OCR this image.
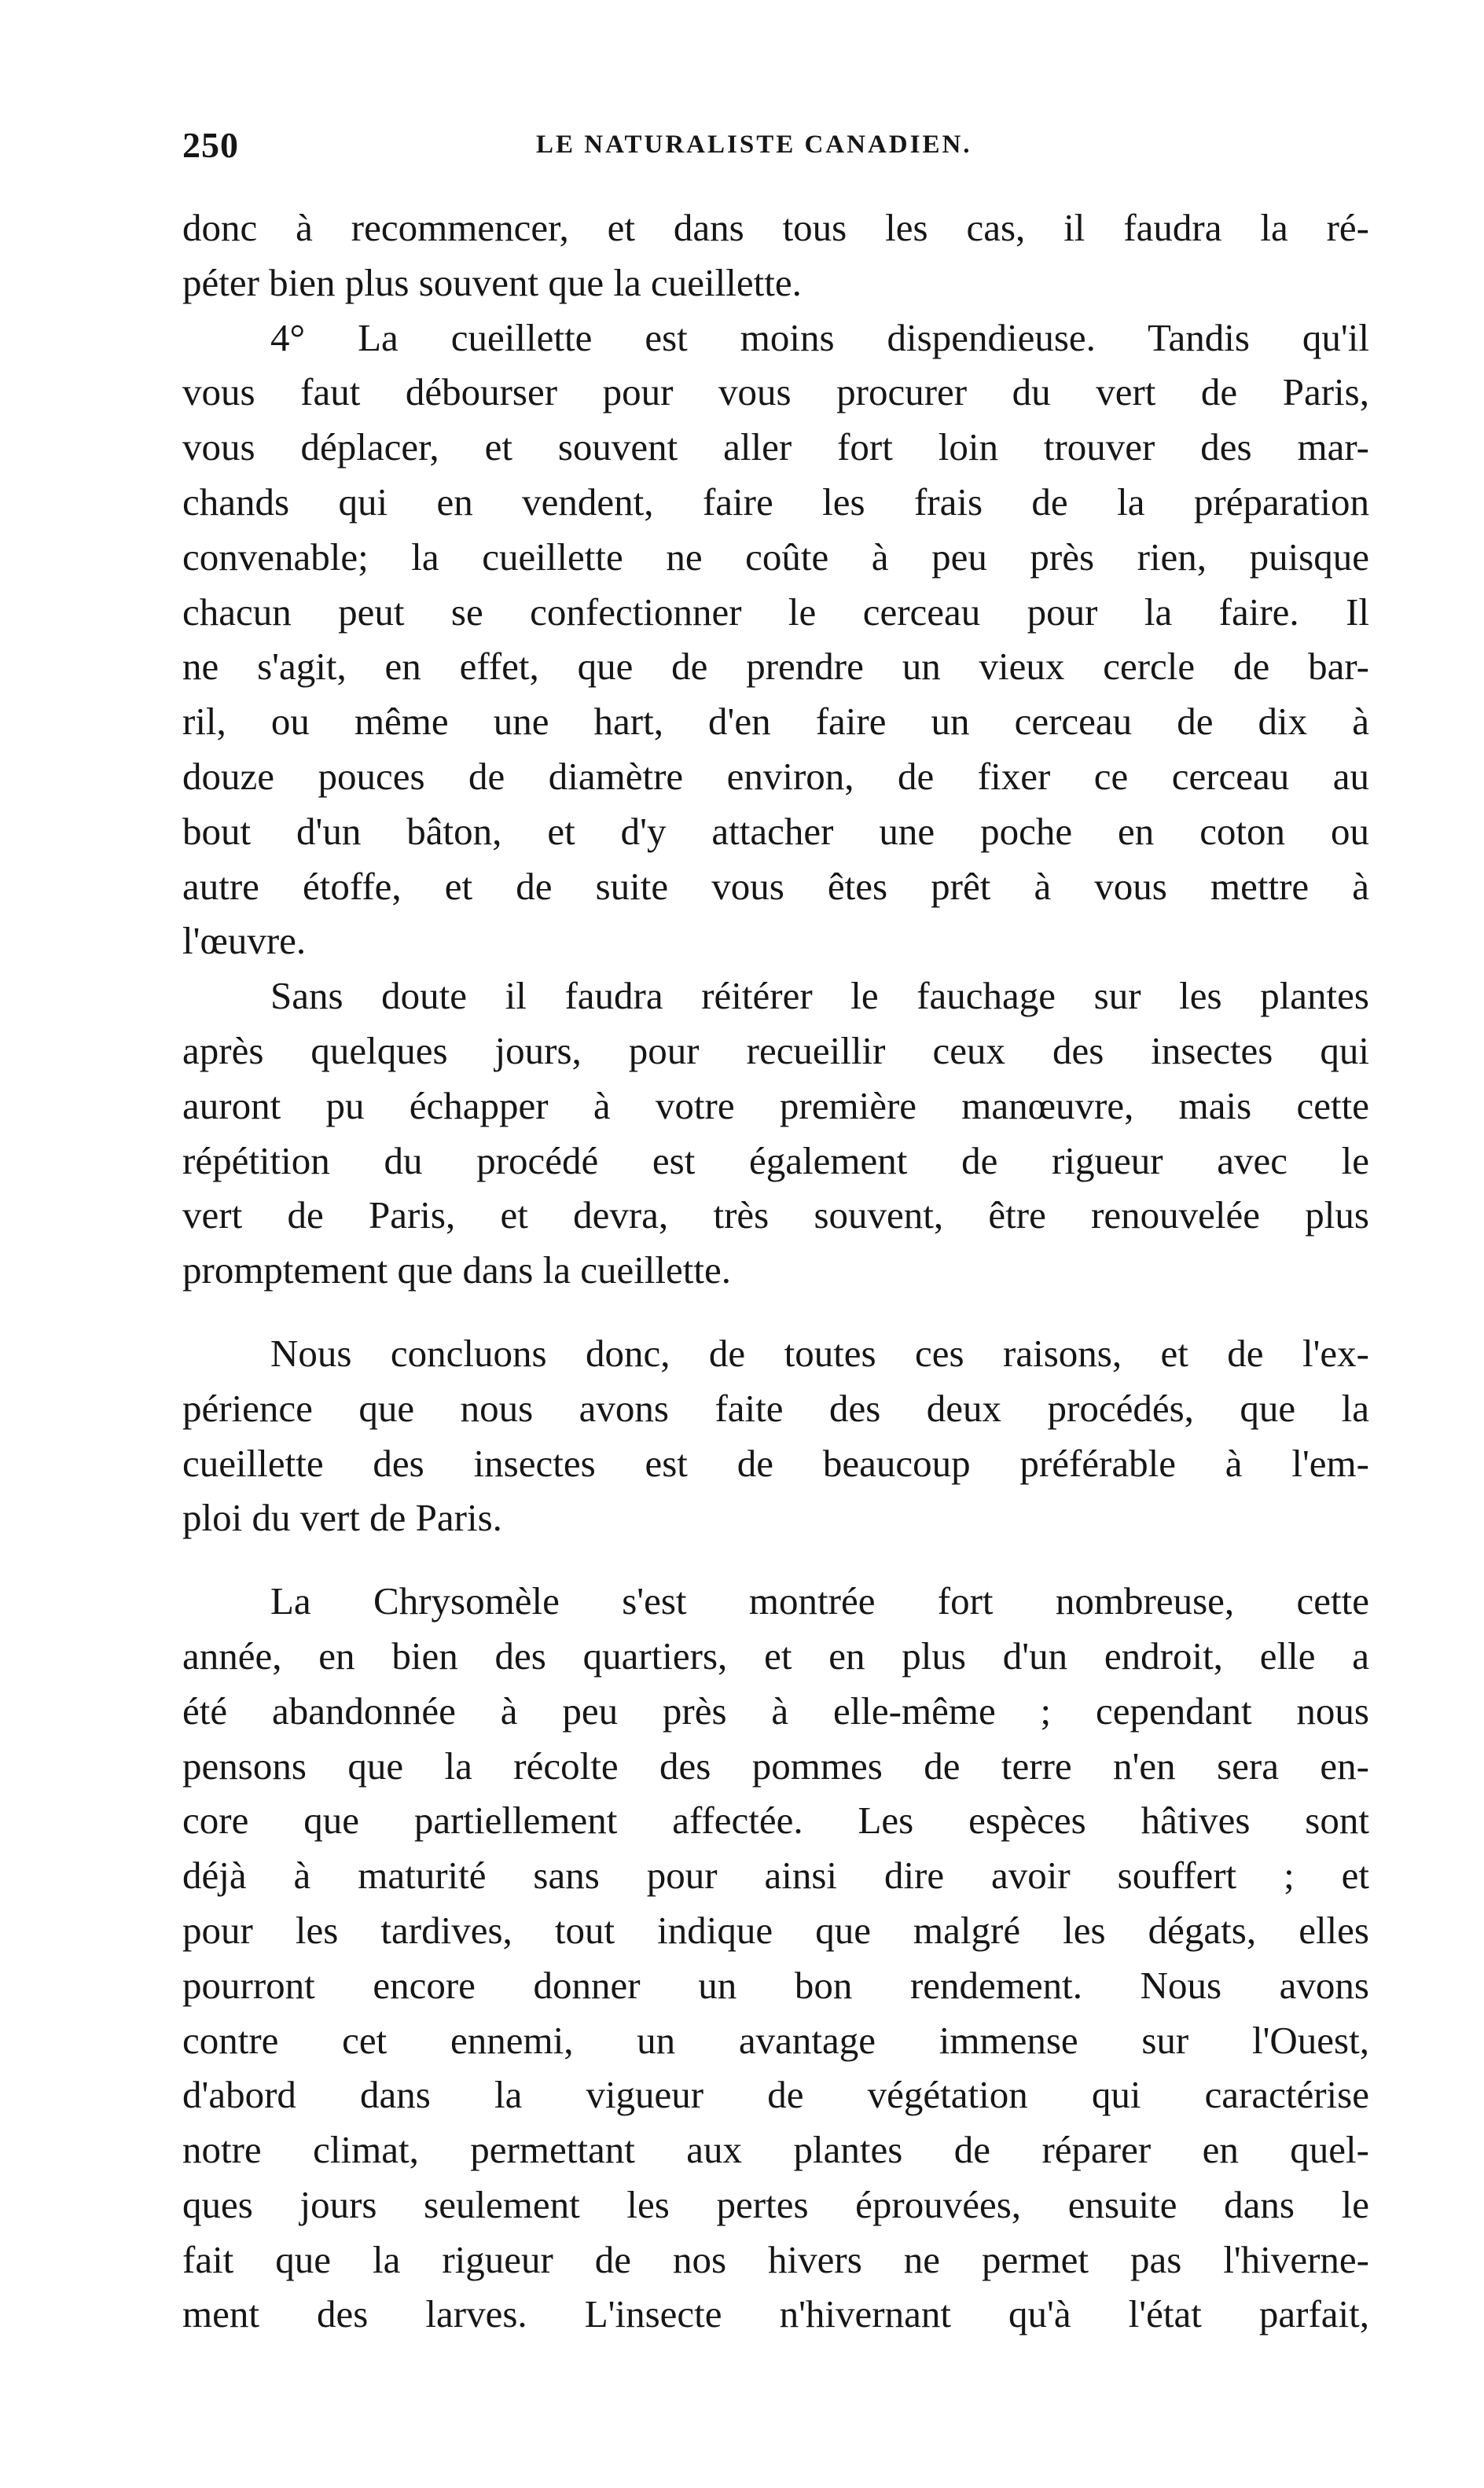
250	LE NATURALISTE CANADIEN.
donc à recommencer, et dans tous les cas, il faudra la ré-
péter bien plus souvent que la cueillette.
4° La cueillette est moins dispendieuse. Tandis qu'il
vous faut débourser pour vous procurer du vert de Paris,
vous déplacer, et souvent aller fort loin trouver des mar-
chands qui en vendent, faire les frais de la préparation
convenable; la cueillette ne coûte à peu près rien, puisque
chacun peut se confectionner le cerceau pour la faire. Il
ne s'agit, en effet, que de prendre un vieux cercle de bar-
ril, ou même une hart, d'en faire un cerceau de dix à
douze pouces de diamètre environ, de fixer ce cerceau au
bout d'un bâton, et d'y attacher une poche en coton ou
autre étoffe, et de suite vous êtes prêt à vous mettre à
l'œuvre.
Sans doute il faudra réitérer le fauchage sur les plantes
après quelques jours, pour recueillir ceux des insectes qui
auront pu échapper à votre première manœuvre, mais cette
répétition du procédé est également de rigueur avec le
vert de Paris, et devra, très souvent, être renouvelée plus
promptement que dans la cueillette.
Nous concluons donc, de toutes ces raisons, et de l'ex-
périence que nous avons faite des deux procédés, que la
cueillette des insectes est de beaucoup préférable à l'em-
ploi du vert de Paris.
La Chrysomèle s'est montrée fort nombreuse, cette
année, en bien des quartiers, et en plus d'un endroit, elle a
été abandonnée à peu près à elle-même ; cependant nous
pensons que la récolte des pommes de terre n'en sera en-
core que partiellement affectée. Les espèces hâtives sont
déjà à maturité sans pour ainsi dire avoir souffert ; et
pour les tardives, tout indique que malgré les dégats, elles
pourront encore donner un bon rendement. Nous avons
contre cet ennemi, un avantage immense sur l'Ouest,
d'abord dans la vigueur de végétation qui caractérise
notre climat, permettant aux plantes de réparer en quel-
ques jours seulement les pertes éprouvées, ensuite dans le
fait que la rigueur de nos hivers ne permet pas l'hiverne-
ment des larves. L'insecte n'hivernant qu'à l'état parfait,
